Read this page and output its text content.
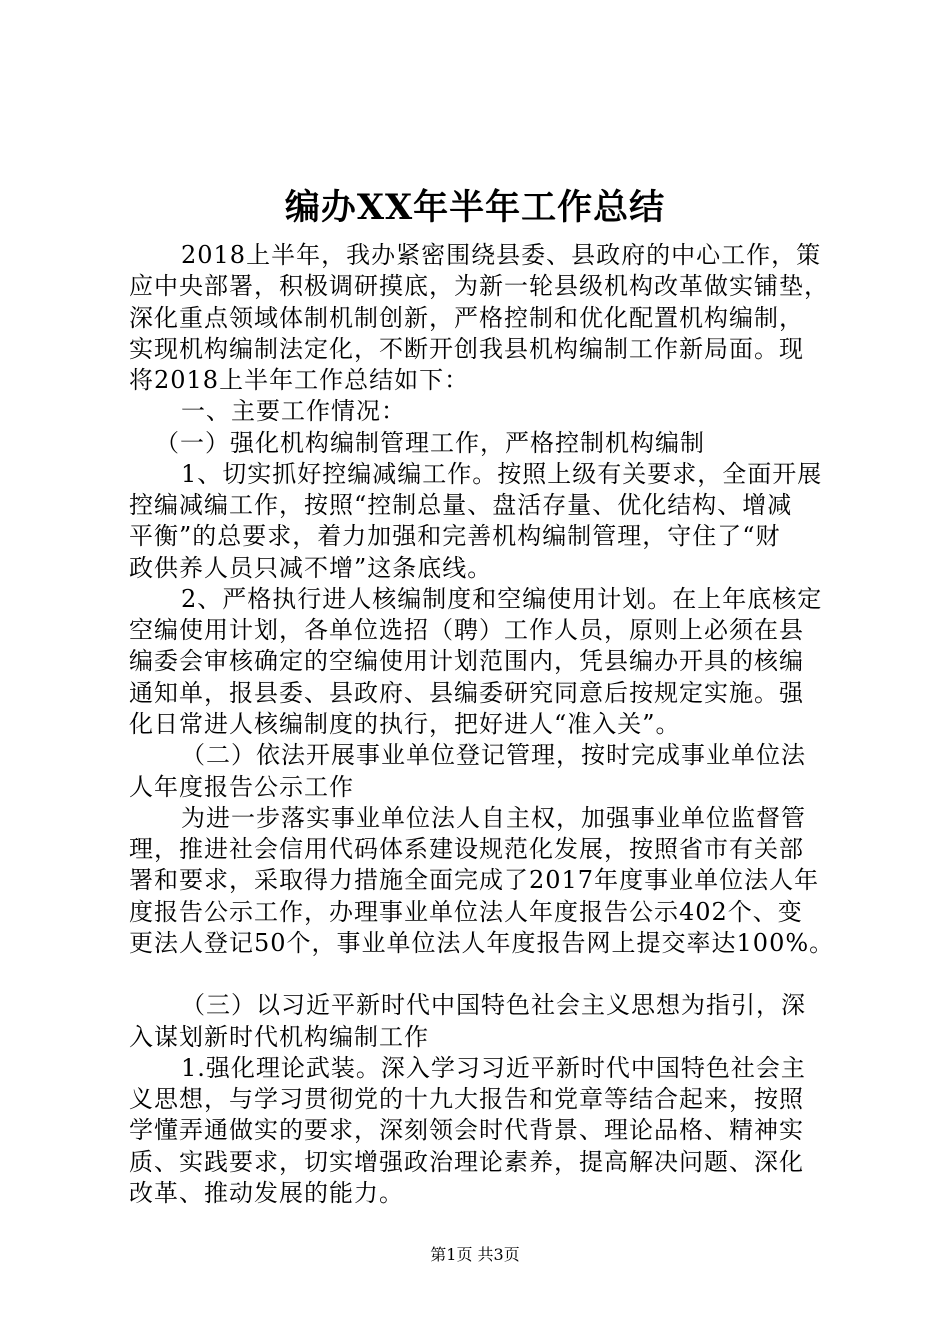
编办XX年半年工作总结
2018上半年，我办紧密围绕县委、县政府的中心工作，策
应中央部署，积极调研摸底，为新一轮县级机构改革做实铺垫，
深化重点领域体制机制创新，严格控制和优化配置机构编制，
实现机构编制法定化，不断开创我县机构编制工作新局面。现
将2018上半年工作总结如下：
一、主要工作情况：
（一）强化机构编制管理工作，严格控制机构编制
1、切实抓好控编减编工作。按照上级有关要求，全面开展
控编减编工作，按照“控制总量、盘活存量、优化结构、增减
平衡”的总要求，着力加强和完善机构编制管理，守住了“财
政供养人员只减不增”这条底线。
2、严格执行进人核编制度和空编使用计划。在上年底核定
空编使用计划，各单位选招（聘）工作人员，原则上必须在县
编委会审核确定的空编使用计划范围内，凭县编办开具的核编
通知单，报县委、县政府、县编委研究同意后按规定实施。强
化日常进人核编制度的执行，把好进人“准入关”。
（二）依法开展事业单位登记管理，按时完成事业单位法
人年度报告公示工作
为进一步落实事业单位法人自主权，加强事业单位监督管
理，推进社会信用代码体系建设规范化发展，按照省市有关部
署和要求，采取得力措施全面完成了2017年度事业单位法人年
度报告公示工作，办理事业单位法人年度报告公示402个、变
更法人登记50个，事业单位法人年度报告网上提交率达100%。
（三）以习近平新时代中国特色社会主义思想为指引，深
入谋划新时代机构编制工作
1.强化理论武装。深入学习习近平新时代中国特色社会主
义思想，与学习贯彻党的十九大报告和党章等结合起来，按照
学懂弄通做实的要求，深刻领会时代背景、理论品格、精神实
质、实践要求，切实增强政治理论素养，提高解决问题、深化
改革、推动发展的能力。
第1页 共3页
